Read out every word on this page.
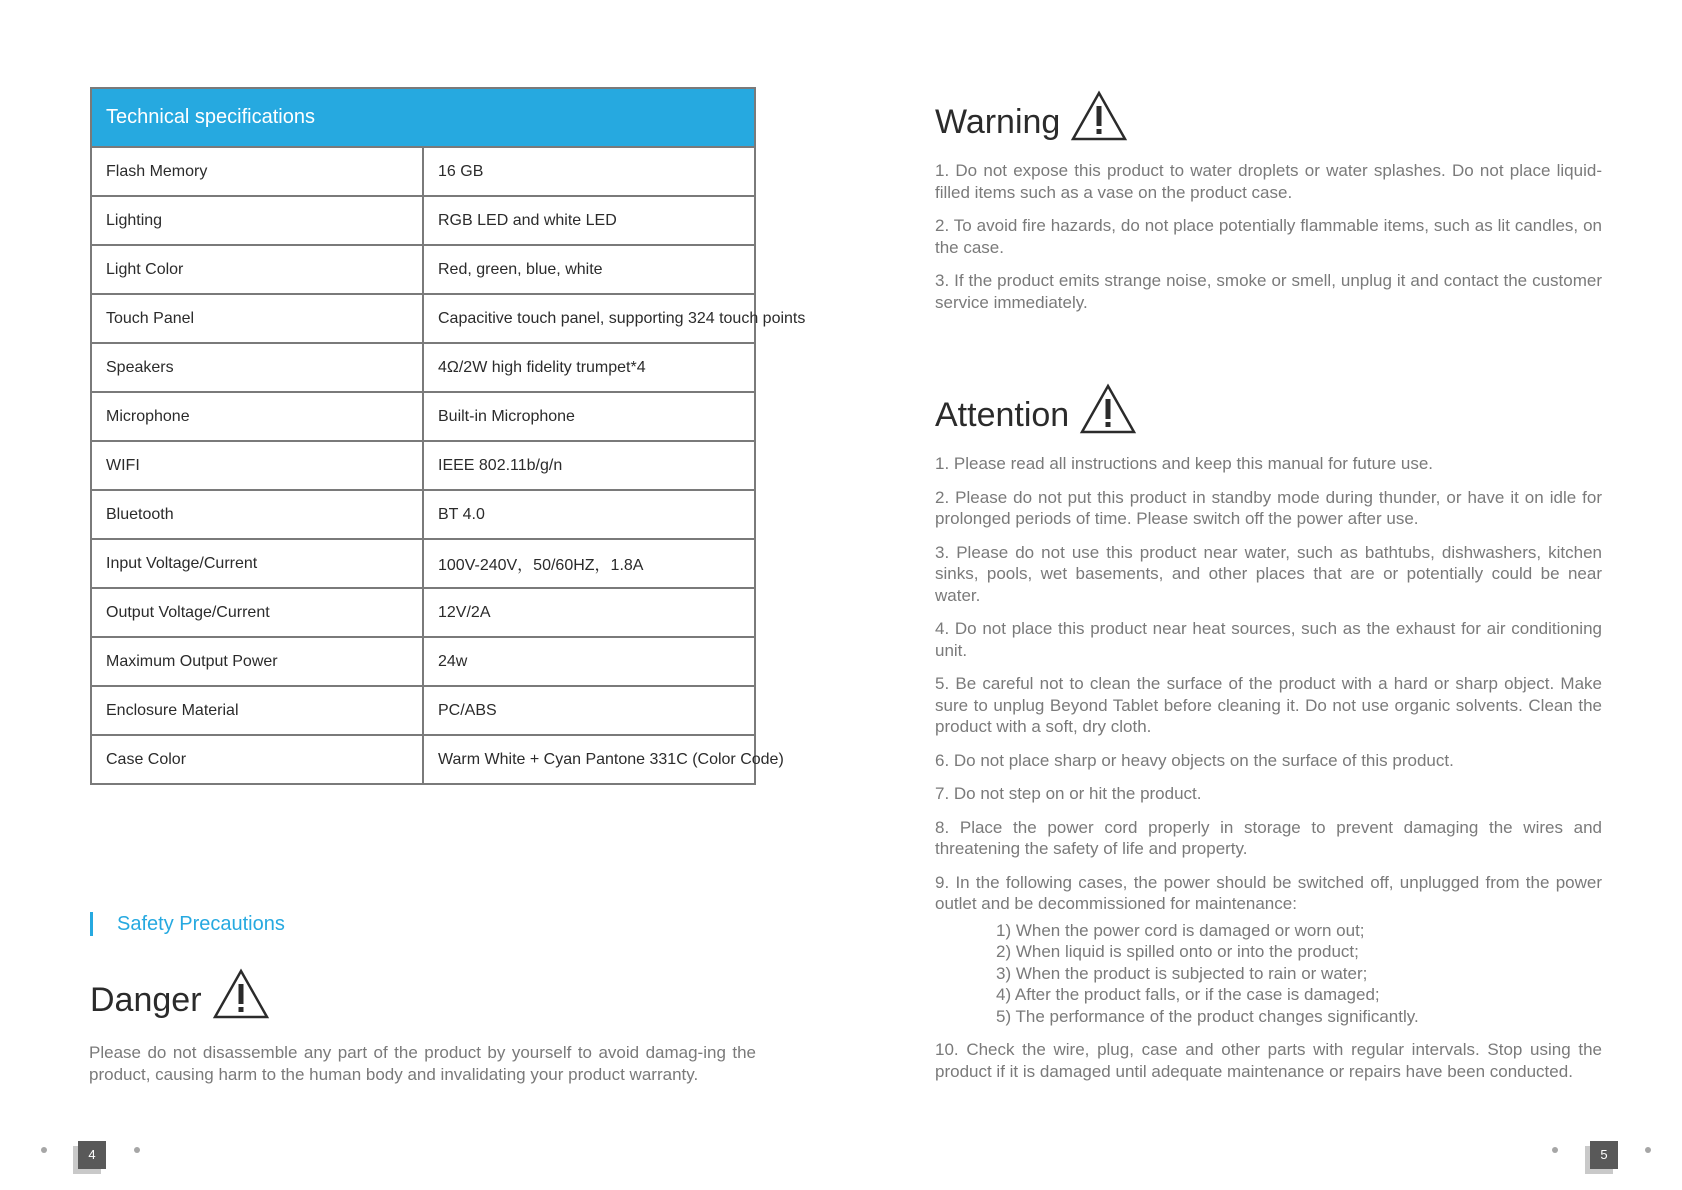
Technical specifications	
Flash Memory	16 GB
Lighting	RGB LED and white LED
Light Color	Red, green, blue, white
Touch Panel	Capacitive touch panel, supporting 324 touch points
Speakers	4Ω/2W high fidelity trumpet*4
Microphone	Built-in Microphone
WIFI	IEEE 802.11b/g/n
Bluetooth	BT 4.0
Input Voltage/Current	100V-240V，50/60HZ，1.8A
Output Voltage/Current	12V/2A
Maximum Output Power	24w
Enclosure Material	PC/ABS
Case Color	Warm White + Cyan Pantone 331C (Color Code)
Safety Precautions
Danger
Please do not disassemble any part of the product by yourself to avoid damag-ing the product, causing harm to the human body and invalidating your product warranty.
4
Warning
1. Do not expose this product to water droplets or water splashes. Do not place liquid-filled items such as a vase on the product case.
2. To avoid fire hazards, do not place potentially flammable items, such as lit candles, on the case.
3. If the product emits strange noise, smoke or smell, unplug it and contact the customer service immediately.
Attention
1. Please read all instructions and keep this manual for future use.
2. Please do not put this product in standby mode during thunder, or have it on idle for prolonged periods of time. Please switch off the power after use.
3. Please do not use this product near water, such as bathtubs, dishwashers, kitchen sinks, pools, wet basements, and other places that are or potentially could be near water.
4. Do not place this product near heat sources, such as the exhaust for air conditioning unit.
5. Be careful not to clean the surface of the product with a hard or sharp object. Make sure to unplug Beyond Tablet before cleaning it. Do not use organic solvents. Clean the product with a soft, dry cloth.
6. Do not place sharp or heavy objects on the surface of this product.
7. Do not step on or hit the product.
8. Place the power cord properly in storage to prevent damaging the wires and threatening the safety of life and property.
9. In the following cases, the power should be switched off, unplugged from the power outlet and be decommissioned for maintenance:
1) When the power cord is damaged or worn out;
2) When liquid is spilled onto or into the product;
3) When the product is subjected to rain or water;
4) After the product falls, or if the case is damaged;
5) The performance of the product changes significantly.
10. Check the wire, plug, case and other parts with regular intervals. Stop using the product if it is damaged until adequate maintenance or repairs have been conducted.
5
